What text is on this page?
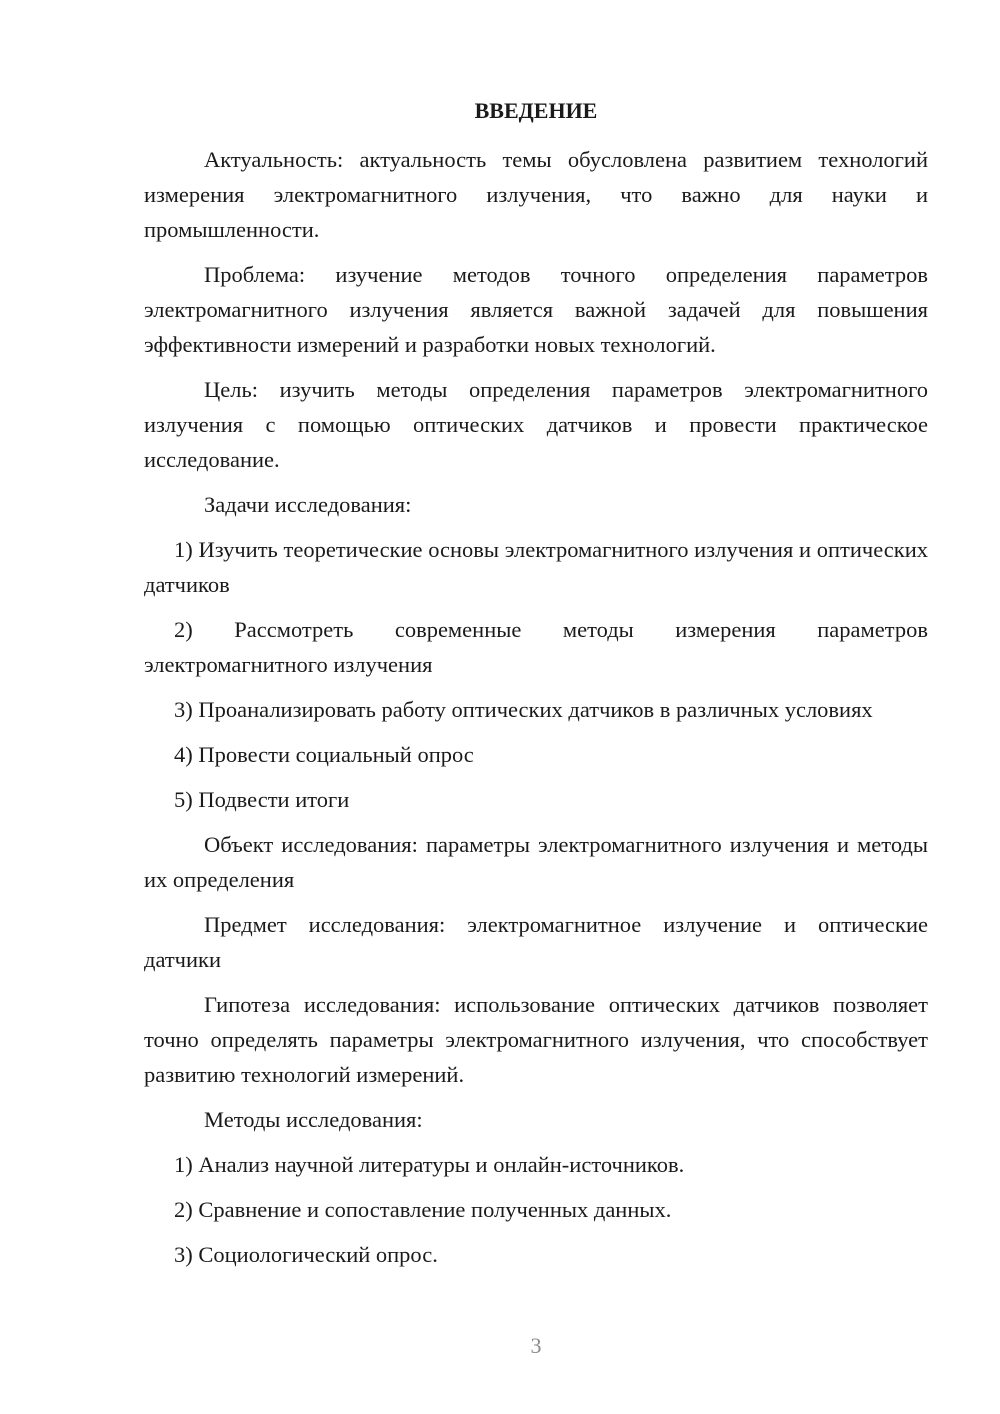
ВВЕДЕНИЕ

Актуальность: актуальность темы обусловлена развитием технологий измерения электромагнитного излучения, что важно для науки и промышленности.

Проблема: изучение методов точного определения параметров электромагнитного излучения является важной задачей для повышения эффективности измерений и разработки новых технологий.

Цель: изучить методы определения параметров электромагнитного излучения с помощью оптических датчиков и провести практическое исследование.

Задачи исследования:

1) Изучить теоретические основы электромагнитного излучения и оптических датчиков

2) Рассмотреть современные методы измерения параметров электромагнитного излучения

3) Проанализировать работу оптических датчиков в различных условиях

4) Провести социальный опрос

5) Подвести итоги

Объект исследования: параметры электромагнитного излучения и методы их определения

Предмет исследования: электромагнитное излучение и оптические датчики

Гипотеза исследования: использование оптических датчиков позволяет точно определять параметры электромагнитного излучения, что способствует развитию технологий измерений.

Методы исследования:

1) Анализ научной литературы и онлайн-источников.

2) Сравнение и сопоставление полученных данных.

3) Социологический опрос.

3
